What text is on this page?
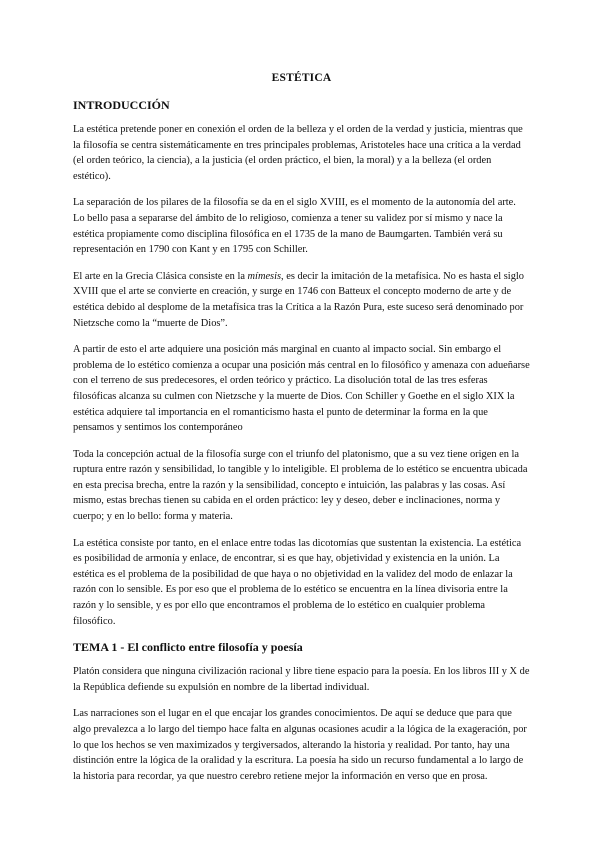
ESTÉTICA
INTRODUCCIÓN

La estética pretende poner en conexión el orden de la belleza y el orden de la verdad y justicia, mientras que la filosofía se centra sistemáticamente en tres principales problemas, Aristoteles hace una crítica a la verdad (el orden teórico, la ciencia), a la justicia (el orden práctico, el bien, la moral) y a la belleza (el orden estético).

La separación de los pilares de la filosofía se da en el siglo XVIII, es el momento de la autonomía del arte. Lo bello pasa a separarse del ámbito de lo religioso, comienza a tener su validez por sí mismo y nace la estética propiamente como disciplina filosófica en el 1735 de la mano de Baumgarten. También verá su representación en 1790 con Kant y en 1795 con Schiller.

El arte en la Grecia Clásica consiste en la mímesis, es decir la imitación de la metafísica. No es hasta el siglo XVIII que el arte se convierte en creación, y surge en 1746 con Batteux el concepto moderno de arte y de estética debido al desplome de la metafísica tras la Crítica a la Razón Pura, este suceso será denominado por Nietzsche como la “muerte de Dios”.

A partir de esto el arte adquiere una posición más marginal en cuanto al impacto social. Sin embargo el problema de lo estético comienza a ocupar una posición más central en lo filosófico y amenaza con adueñarse con el terreno de sus predecesores, el orden teórico y práctico. La disolución total de las tres esferas filosóficas alcanza su culmen con Nietzsche y la muerte de Dios. Con Schiller y Goethe en el siglo XIX la estética adquiere tal importancia en el romanticismo hasta el punto de determinar la forma en la que pensamos y sentimos los contemporáneo

Toda la concepción actual de la filosofía surge con el triunfo del platonismo, que a su vez tiene origen en la ruptura entre razón y sensibilidad, lo tangible y lo inteligible. El problema de lo estético se encuentra ubicada en esta precisa brecha, entre la razón y la sensibilidad, concepto e intuición, las palabras y las cosas. Así mismo, estas brechas tienen su cabida en el orden práctico: ley y deseo, deber e inclinaciones, norma y cuerpo; y en lo bello: forma y materia.

La estética consiste por tanto, en el enlace entre todas las dicotomías que sustentan la existencia. La estética es posibilidad de armonía y enlace, de encontrar, si es que hay, objetividad y existencia en la unión. La estética es el problema de la posibilidad de que haya o no objetividad en la validez del modo de enlazar la razón con lo sensible. Es por eso que el problema de lo estético se encuentra en la línea divisoria entre la razón y lo sensible, y es por ello que encontramos el problema de lo estético en cualquier problema filosófico.

TEMA 1 - El conflicto entre filosofía y poesía

Platón considera que ninguna civilización racional y libre tiene espacio para la poesía. En los libros III y X de la República defiende su expulsión en nombre de la libertad individual.

Las narraciones son el lugar en el que encajar los grandes conocimientos. De aquí se deduce que para que algo prevalezca a lo largo del tiempo hace falta en algunas ocasiones acudir a la lógica de la exageración, por lo que los hechos se ven maximizados y tergiversados, alterando la historia y realidad. Por tanto, hay una distinción entre la lógica de la oralidad y la escritura. La poesía ha sido un recurso fundamental a lo largo de la historia para recordar, ya que nuestro cerebro retiene mejor la información en verso que en prosa.
